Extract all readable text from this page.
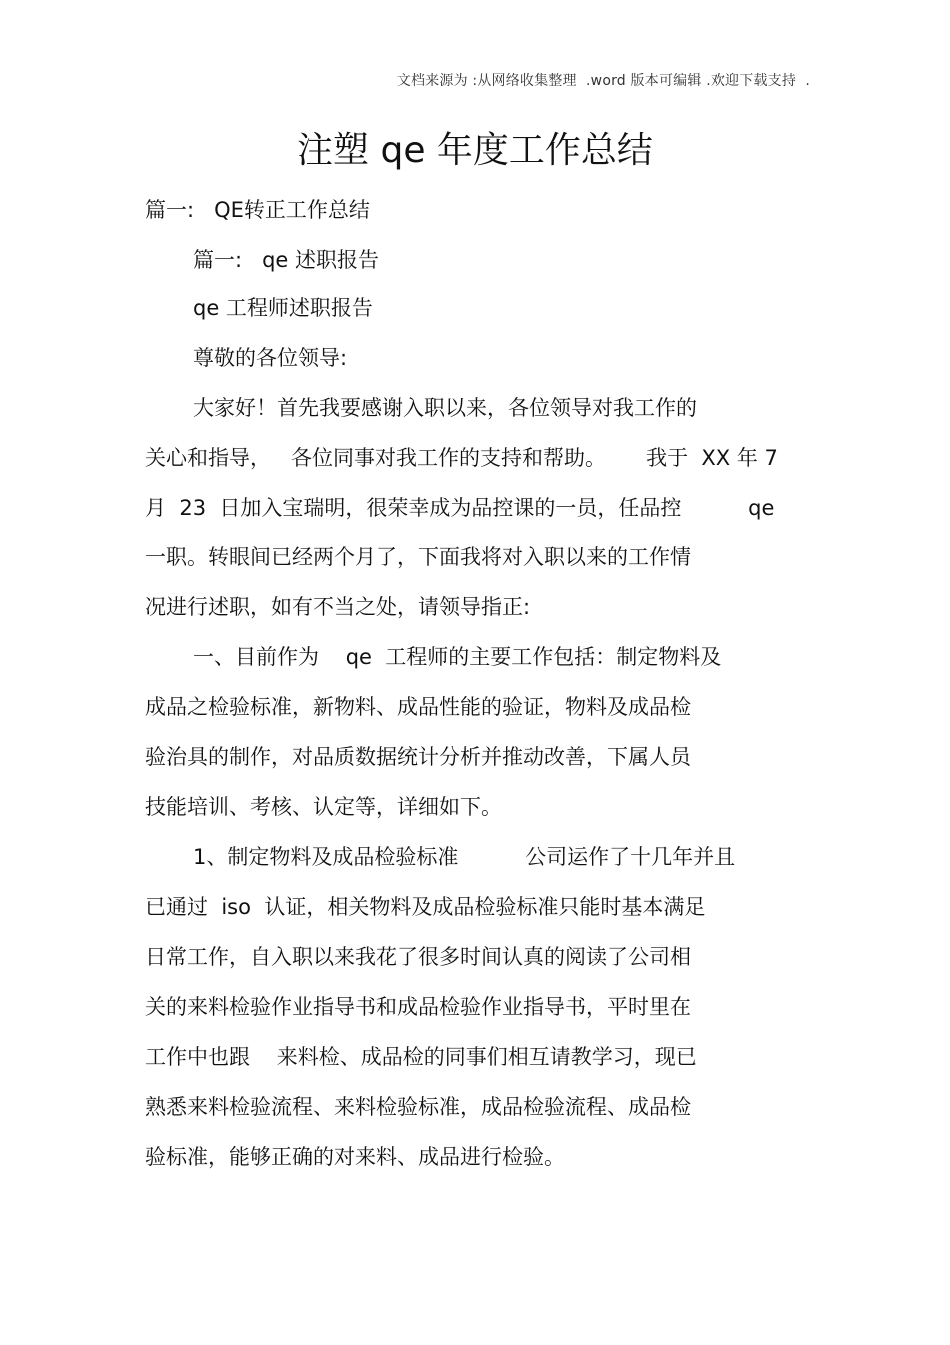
文档来源为 :从网络收集整理  .word 版本可编辑 .欢迎下载支持  .
注塑 qe 年度工作总结
篇一:   QE转正工作总结
篇一:   qe 述职报告
qe 工程师述职报告
尊敬的各位领导:
大家好！首先我要感谢入职以来，各位领导对我工作的
关心和指导，   各位同事对我工作的支持和帮助。      我于  XX 年 7
月  23  日加入宝瑞明，很荣幸成为品控课的一员，任品控          qe
一职。转眼间已经两个月了，下面我将对入职以来的工作情
况进行述职，如有不当之处，请领导指正:
一、目前作为    qe  工程师的主要工作包括：制定物料及
成品之检验标准，新物料、成品性能的验证，物料及成品检
验治具的制作，对品质数据统计分析并推动改善，下属人员
技能培训、考核、认定等，详细如下。
1、制定物料及成品检验标准          公司运作了十几年并且
已通过  iso  认证，相关物料及成品检验标准只能时基本满足
日常工作，自入职以来我花了很多时间认真的阅读了公司相
关的来料检验作业指导书和成品检验作业指导书，平时里在
工作中也跟    来料检、成品检的同事们相互请教学习，现已
熟悉来料检验流程、来料检验标准，成品检验流程、成品检
验标准，能够正确的对来料、成品进行检验。
